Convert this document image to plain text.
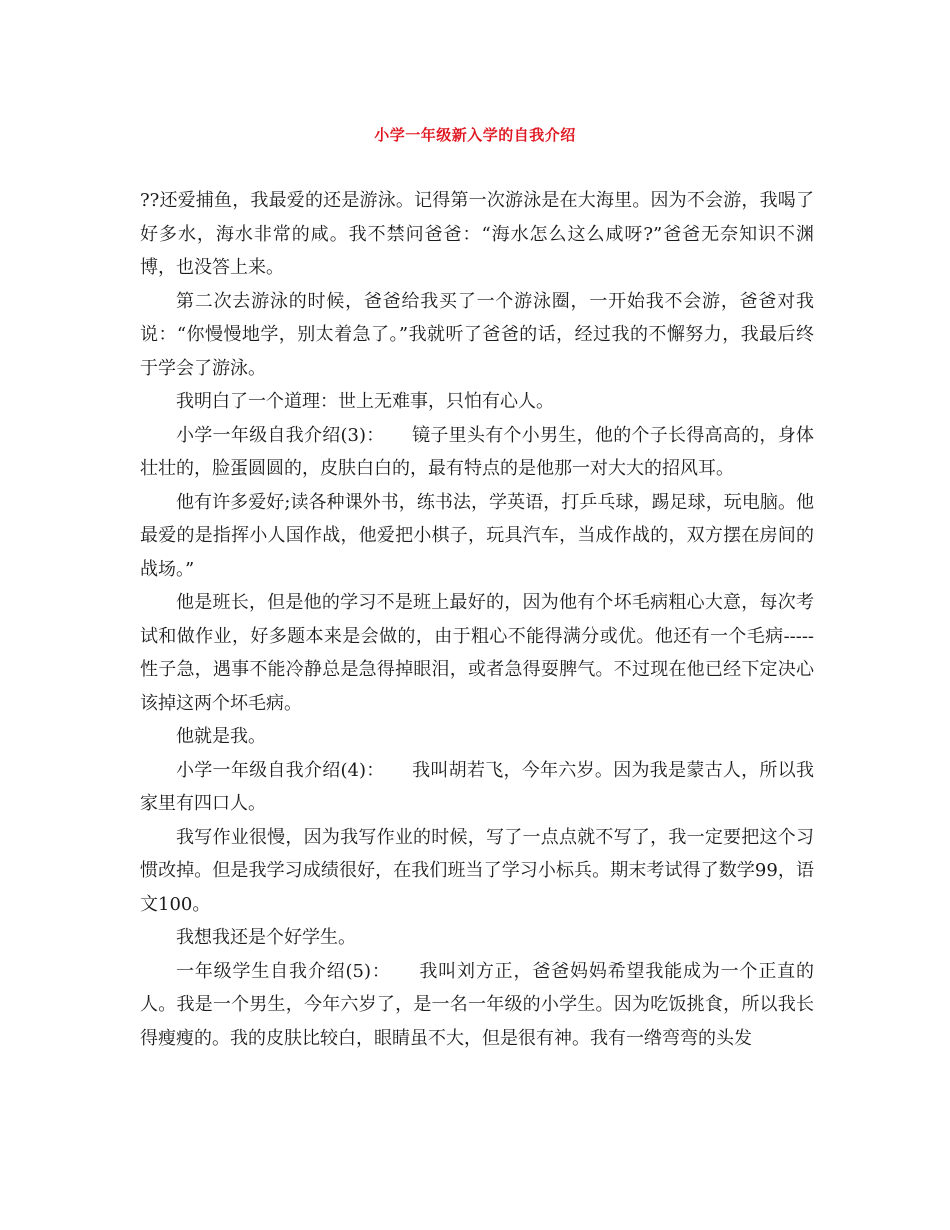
小学一年级新入学的自我介绍

??还爱捕鱼，我最爱的还是游泳。记得第一次游泳是在大海里。因为不会游，我喝了好多水，海水非常的咸。我不禁问爸爸：“海水怎么这么咸呀?”爸爸无奈知识不渊博，也没答上来。

第二次去游泳的时候，爸爸给我买了一个游泳圈，一开始我不会游，爸爸对我说：“你慢慢地学，别太着急了。”我就听了爸爸的话，经过我的不懈努力，我最后终于学会了游泳。

我明白了一个道理：世上无难事，只怕有心人。

小学一年级自我介绍(3)：　　镜子里头有个小男生，他的个子长得高高的，身体壮壮的，脸蛋圆圆的，皮肤白白的，最有特点的是他那一对大大的招风耳。

他有许多爱好;读各种课外书，练书法，学英语，打乒乓球，踢足球，玩电脑。他最爱的是指挥小人国作战，他爱把小棋子，玩具汽车，当成作战的，双方摆在房间的战场。”

他是班长，但是他的学习不是班上最好的，因为他有个坏毛病粗心大意，每次考试和做作业，好多题本来是会做的，由于粗心不能得满分或优。他还有一个毛病-----性子急，遇事不能冷静总是急得掉眼泪，或者急得耍脾气。不过现在他已经下定决心该掉这两个坏毛病。

他就是我。

小学一年级自我介绍(4)：　　我叫胡若飞，今年六岁。因为我是蒙古人，所以我家里有四口人。

我写作业很慢，因为我写作业的时候，写了一点点就不写了，我一定要把这个习惯改掉。但是我学习成绩很好，在我们班当了学习小标兵。期末考试得了数学99，语文100。

我想我还是个好学生。

一年级学生自我介绍(5)：　　我叫刘方正，爸爸妈妈希望我能成为一个正直的人。我是一个男生，今年六岁了，是一名一年级的小学生。因为吃饭挑食，所以我长得瘦瘦的。我的皮肤比较白，眼睛虽不大，但是很有神。我有一绺弯弯的头发
